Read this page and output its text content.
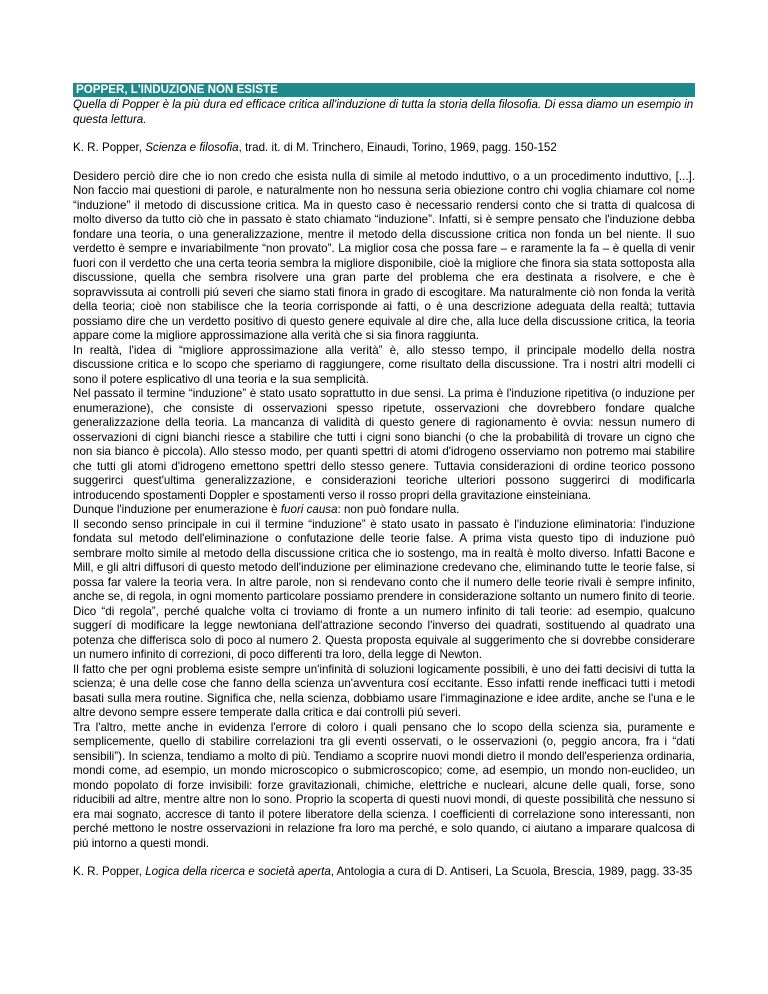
POPPER, L'INDUZIONE NON ESISTE

Quella di Popper è la più dura ed efficace critica all'induzione di tutta la storia della filosofia. Di essa diamo un esempio in questa lettura.

K. R. Popper, Scienza e filosofia, trad. it. di M. Trinchero, Einaudi, Torino, 1969, pagg. 150-152

Desidero perciò dire che io non credo che esista nulla di simile al metodo induttivo, o a un procedimento induttivo, [...]. Non faccio mai questioni di parole, e naturalmente non ho nessuna seria obiezione contro chi voglia chiamare col nome “induzione” il metodo di discussione critica. Ma in questo caso è necessario rendersi conto che si tratta di qualcosa di molto diverso da tutto ciò che in passato è stato chiamato “induzione”. Infatti, si è sempre pensato che l'induzione debba fondare una teoria, o una generalizzazione, mentre il metodo della discussione critica non fonda un bel niente. Il suo verdetto è sempre e invariabilmente “non provato”. La miglior cosa che possa fare – e raramente la fa – è quella di venir fuori con il verdetto che una certa teoria sembra la migliore disponibile, cioè la migliore che finora sia stata sottoposta alla discussione, quella che sembra risolvere una gran parte del problema che era destinata a risolvere, e che è sopravvissuta ai controlli piú severi che siamo stati finora in grado di escogitare. Ma naturalmente ciò non fonda la verità della teoria; cioè non stabilisce che la teoria corrisponde ai fatti, o è una descrizione adeguata della realtà; tuttavia possiamo dire che un verdetto positivo di questo genere equivale al dire che, alla luce della discussione critica, la teoria appare come la migliore approssimazione alla verità che si sia finora raggiunta.

In realtà, l'idea di “migliore approssimazione alla verità” è, allo stesso tempo, il principale modello della nostra discussione critica e lo scopo che speriamo di raggiungere, come risultato della discussione. Tra i nostri altri modelli ci sono il potere esplicativo dl una teoria e la sua semplicità.

Nel passato il termine “induzione” è stato usato soprattutto in due sensi. La prima è l'induzione ripetitiva (o induzione per enumerazione), che consiste di osservazioni spesso ripetute, osservazioni che dovrebbero fondare qualche generalizzazione della teoria. La mancanza di validità di questo genere di ragionamento è ovvia: nessun numero di osservazioni di cigni bianchi riesce a stabilire che tutti i cigni sono bianchi (o che la probabilità di trovare un cigno che non sia bianco è piccola). Allo stesso modo, per quanti spettri di atomi d'idrogeno osserviamo non potremo mai stabilire che tutti gli atomi d'idrogeno emettono spettri dello stesso genere. Tuttavia considerazioni di ordine teorico possono suggerirci quest'ultima generalizzazione, e considerazioni teoriche ulteriori possono suggerirci di modificarla introducendo spostamenti Doppler e spostamenti verso il rosso propri della gravitazione einsteiniana.

Dunque l'induzione per enumerazione è fuori causa: non può fondare nulla.

Il secondo senso principale in cui il termine “induzione” è stato usato in passato è l'induzione eliminatoria: l'induzione fondata sul metodo dell'eliminazione o confutazione delle teorie false. A prima vista questo tipo di induzione può sembrare molto simile al metodo della discussione critica che io sostengo, ma in realtà è molto diverso. Infatti Bacone e Mill, e gli altri diffusori di questo metodo dell'induzione per eliminazione credevano che, eliminando tutte le teorie false, si possa far valere la teoria vera. In altre parole, non si rendevano conto che il numero delle teorie rivali è sempre infinito, anche se, di regola, in ogni momento particolare possiamo prendere in considerazione soltanto un numero finito di teorie. Dico “di regola”, perché qualche volta ci troviamo di fronte a un numero infinito di tali teorie: ad esempio, qualcuno suggerí di modificare la legge newtoniana dell'attrazione secondo l'inverso dei quadrati, sostituendo al quadrato una potenza che differisca solo di poco al numero 2. Questa proposta equivale al suggerimento che si dovrebbe considerare un numero infinito di correzioni, di poco differenti tra loro, della legge di Newton.

Il fatto che per ogni problema esiste sempre un'infinità di soluzioni logicamente possibili, è uno dei fatti decisivi di tutta la scienza; è una delle cose che fanno della scienza un'avventura cosí eccitante. Esso infatti rende inefficaci tutti i metodi basati sulla mera routine. Significa che, nella scienza, dobbiamo usare l'immaginazione e idee ardite, anche se l'una e le altre devono sempre essere temperate dalla critica e dai controlli piú severi.

Tra l'altro, mette anche in evidenza l'errore di coloro i quali pensano che lo scopo della scienza sia, puramente e semplicemente, quello di stabilire correlazioni tra gli eventi osservati, o le osservazioni (o, peggio ancora, fra i “dati sensibili”). In scienza, tendiamo a molto di più. Tendiamo a scoprire nuovi mondi dietro il mondo dell'esperienza ordinaria, mondi come, ad esempio, un mondo microscopico o submicroscopico; come, ad esempio, un mondo non-euclideo, un mondo popolato di forze invisibili: forze gravitazionali, chimiche, elettriche e nucleari, alcune delle quali, forse, sono riducibili ad altre, mentre altre non lo sono. Proprio la scoperta di questi nuovi mondi, di queste possibilità che nessuno si era mai sognato, accresce di tanto il potere liberatore della scienza. I coefficienti di correlazione sono interessanti, non perché mettono le nostre osservazioni in relazione fra loro ma perché, e solo quando, ci aiutano a imparare qualcosa di piú intorno a questi mondi.

K. R. Popper, Logica della ricerca e società aperta, Antologia a cura di D. Antiseri, La Scuola, Brescia, 1989, pagg. 33-35
